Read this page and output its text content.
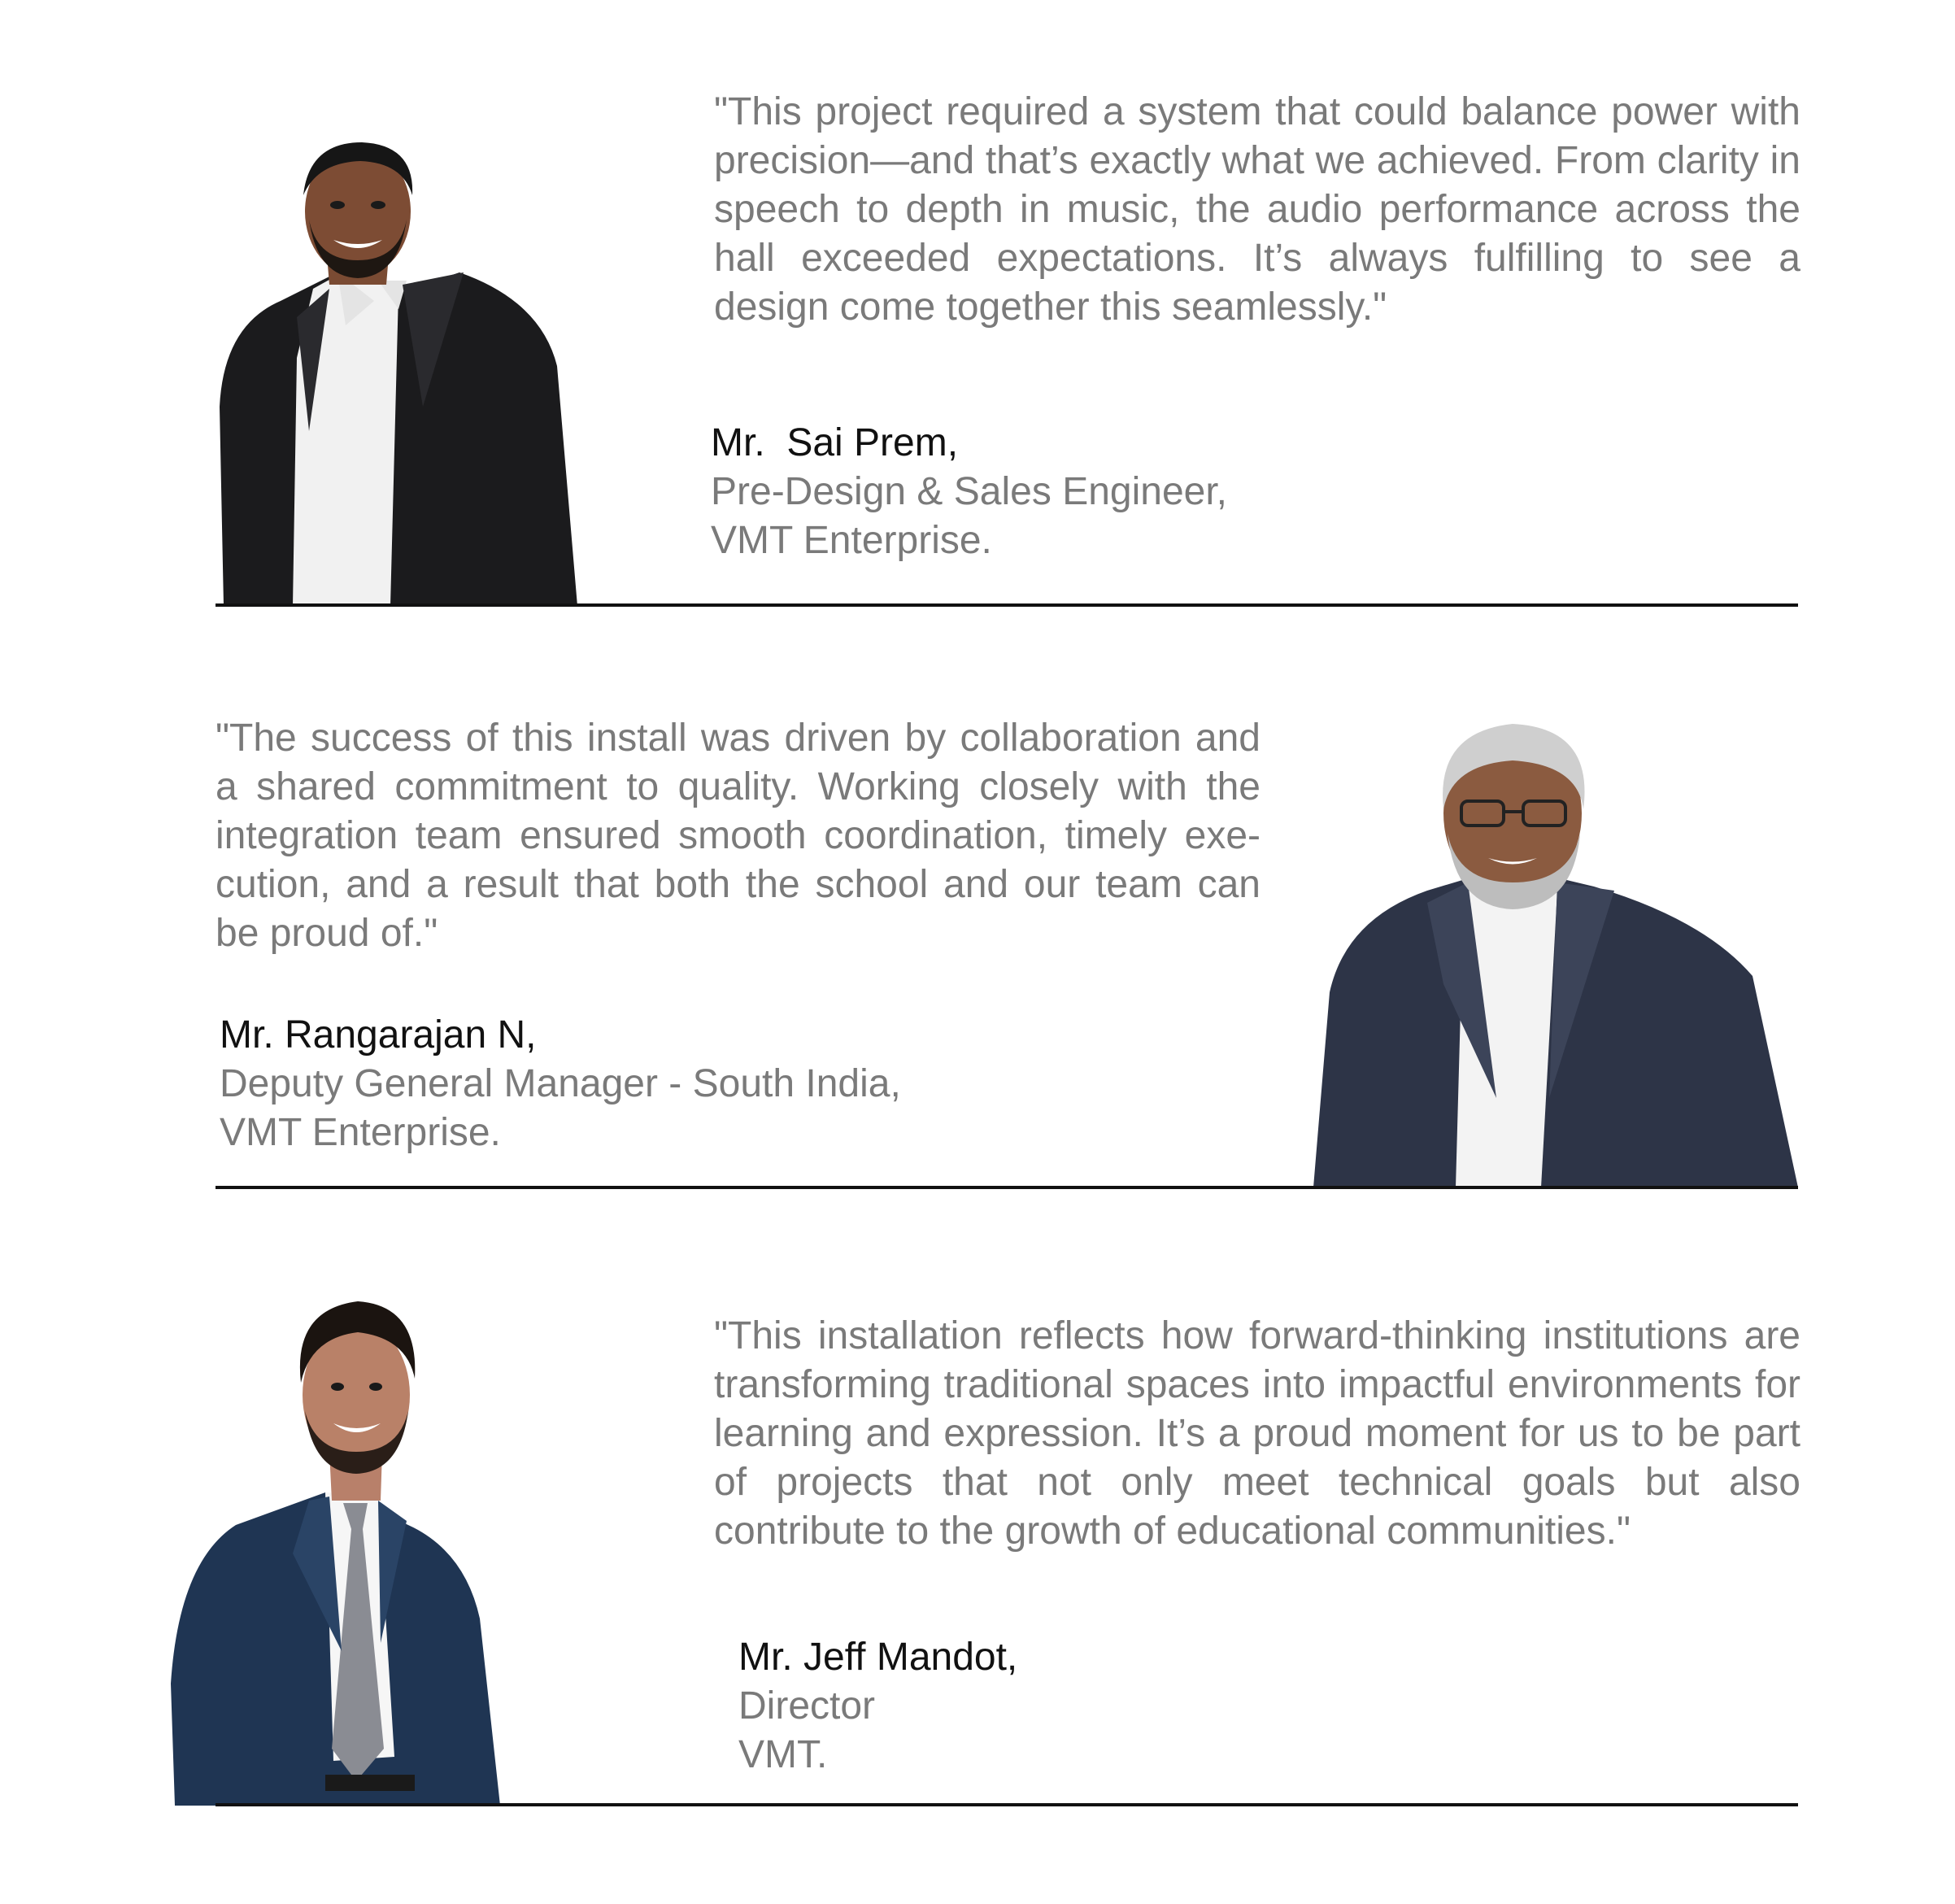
"This project required a system that could balance power with precision—and that’s exactly what we achieved. From clarity in speech to depth in music, the audio performance across the hall exceeded expectations. It’s always fulfilling to see a design come together this seamlessly."

Mr.  Sai Prem,

Pre-Design & Sales Engineer,

VMT Enterprise.

"The success of this install was driven by collaboration and a shared commitment to quality. Working closely with the integration team ensured smooth coordination, timely execution, and a result that both the school and our team can be proud of."

Mr. Rangarajan N,

Deputy General Manager - South India,

VMT Enterprise.

"This installation reflects how forward-thinking institutions are transforming traditional spaces into impactful environments for learning and expression. It’s a proud moment for us to be part of projects that not only meet technical goals but also contribute to the growth of educational communities."

Mr. Jeff Mandot,

Director

VMT.
